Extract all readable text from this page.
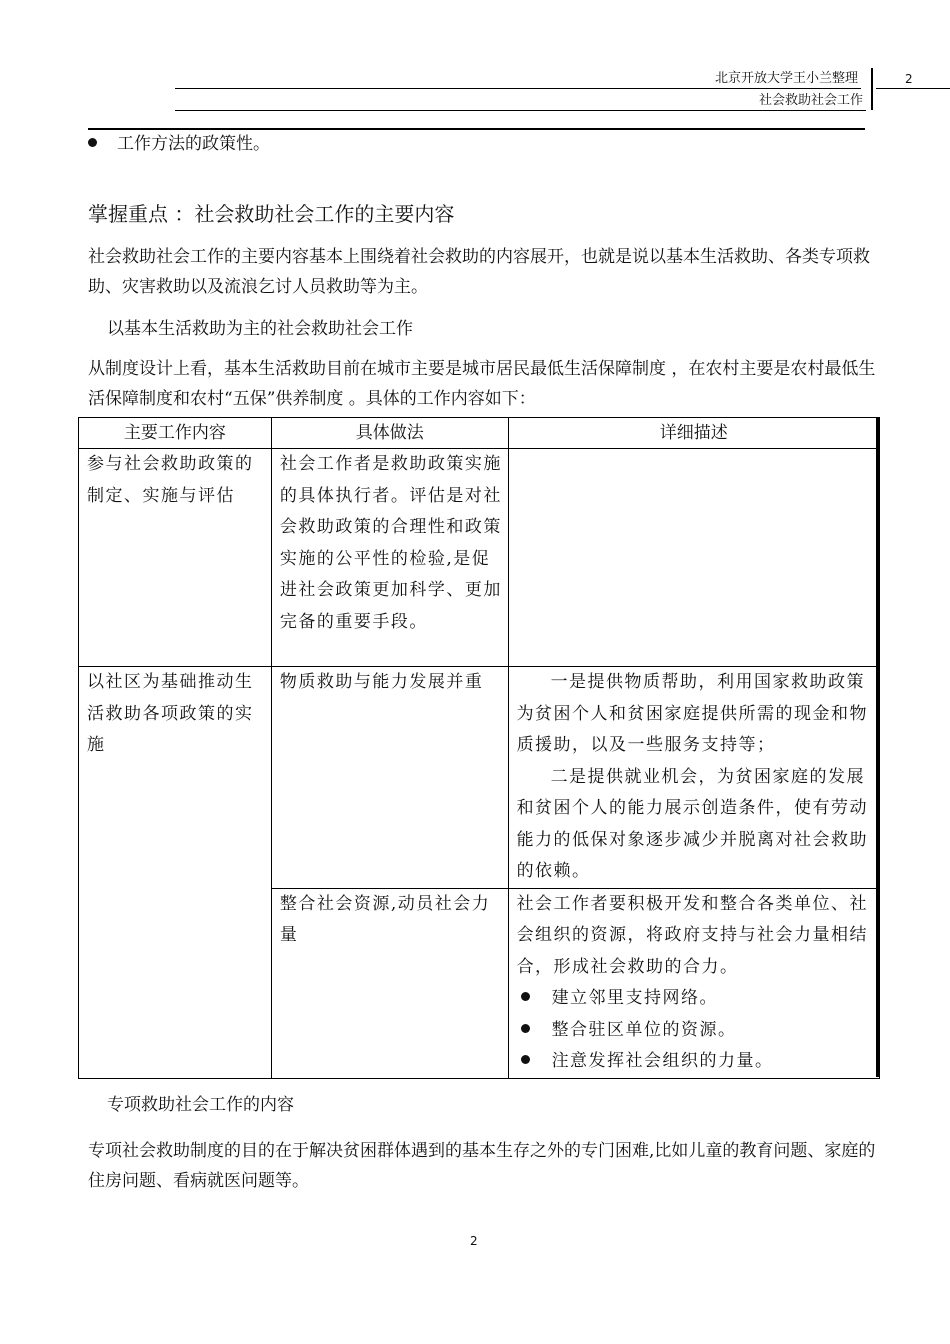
北京开放大学王小兰整理
社会救助社会工作
2
工作方法的政策性。
掌握重点 ：社会救助社会工作的主要内容
社会救助社会工作的主要内容基本上围绕着社会救助的内容展开，也就是说以基本生活救助、各类专项救助、灾害救助以及流浪乞讨人员救助等为主。
以基本生活救助为主的社会救助社会工作
从制度设计上看，基本生活救助目前在城市主要是城市居民最低生活保障制度 ，在农村主要是农村最低生活保障制度和农村“五保”供养制度 。具体的工作内容如下：
主要工作内容	具体做法	详细描述

参与社会救助政策的制定、实施与评估	社会工作者是救助政策实施的具体执行者。评估是对社会救助政策的合理性和政策实施的公平性的检验,是促进社会政策更加科学、更加完备的重要手段。	

以社区为基础推动生活救助各项政策的实施	物质救助与能力发展并重	一是提供物质帮助，利用国家救助政策为贫困个人和贫困家庭提供所需的现金和物质援助，以及一些服务支持等；
二是提供就业机会，为贫困家庭的发展和贫困个人的能力展示创造条件，使有劳动能力的低保对象逐步减少并脱离对社会救助的依赖。

	整合社会资源,动员社会力量	社会工作者要积极开发和整合各类单位、社会组织的资源，将政府支持与社会力量相结合，形成社会救助的合力。
建立邻里支持网络。
整合驻区单位的资源。
注意发挥社会组织的力量。
专项救助社会工作的内容
专项社会救助制度的目的在于解决贫困群体遇到的基本生存之外的专门困难,比如儿童的教育问题、家庭的住房问题、看病就医问题等。
2
